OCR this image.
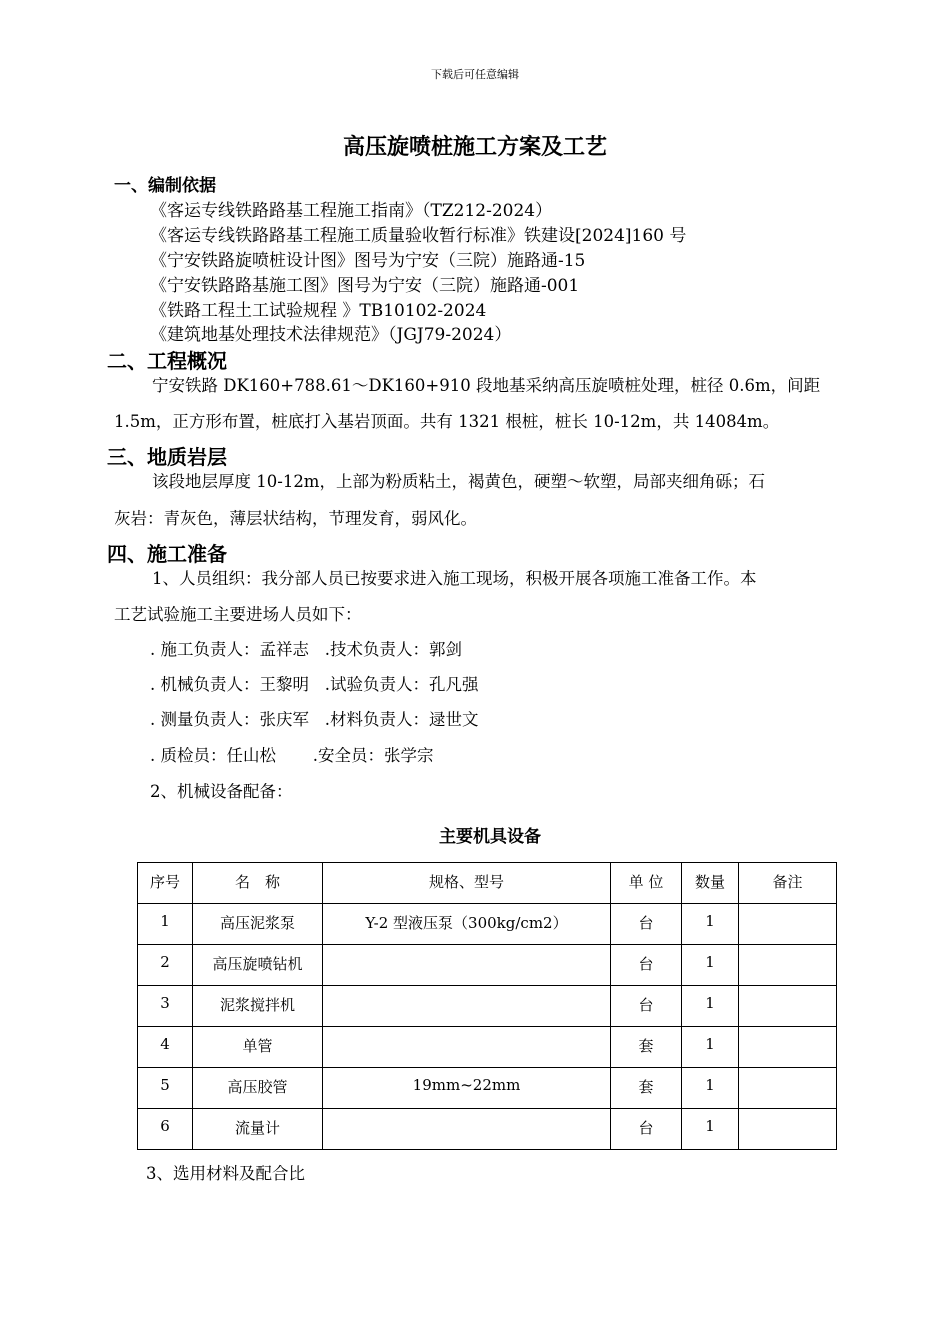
下载后可任意编辑
高压旋喷桩施工方案及工艺
一、编制依据
《客运专线铁路路基工程施工指南》（TZ212-2024）
《客运专线铁路路基工程施工质量验收暂行标准》铁建设[2024]160 号
《宁安铁路旋喷桩设计图》图号为宁安（三院）施路通-15
《宁安铁路路基施工图》图号为宁安（三院）施路通-001
《铁路工程土工试验规程 》TB10102-2024
《建筑地基处理技术法律规范》（JGJ79-2024）
二、工程概况
宁安铁路 DK160+788.61～DK160+910 段地基采纳高压旋喷桩处理，桩径 0.6m，间距
1.5m，正方形布置，桩底打入基岩顶面。共有 1321 根桩，桩长 10-12m，共 14084m。
三、地质岩层
该段地层厚度 10-12m，上部为粉质粘土，褐黄色，硬塑～软塑，局部夹细角砾；石
灰岩：青灰色，薄层状结构，节理发育，弱风化。
四、施工准备
1、人员组织：我分部人员已按要求进入施工现场，积极开展各项施工准备工作。本
工艺试验施工主要进场人员如下：
. 施工负责人：孟祥志   .技术负责人：郭剑
. 机械负责人：王黎明   .试验负责人：孔凡强
. 测量负责人：张庆军   .材料负责人：逯世文
. 质检员：任山松       .安全员：张学宗
2、机械设备配备：
主要机具设备
序号	名　称	规格、型号	单 位	数量	备注
1	高压泥浆泵	Y-2 型液压泵（300kg/cm2）	台	1	
2	高压旋喷钻机		台	1	
3	泥浆搅拌机		台	1	
4	单管		套	1	
5	高压胶管	19mm~22mm	套	1	
6	流量计		台	1	
3、选用材料及配合比
